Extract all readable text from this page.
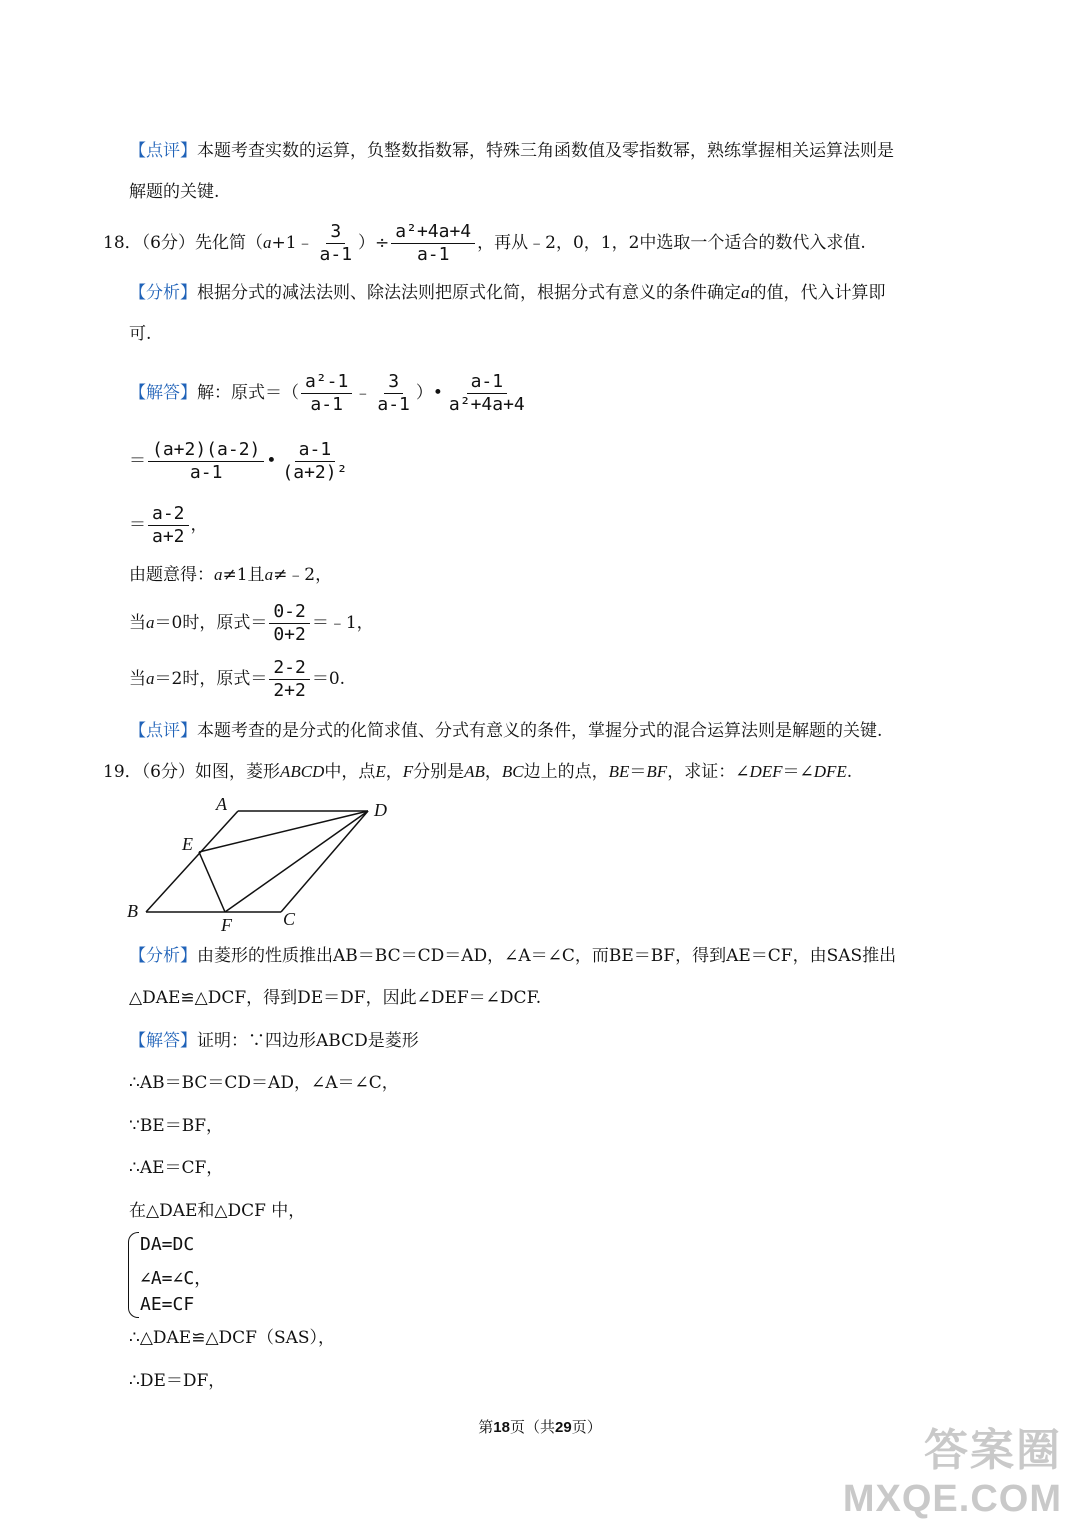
【点评】本题考查实数的运算，负整数指数幂，特殊三角函数值及零指数幂，熟练掌握相关运算法则是
解题的关键.
18．（6分）先化简（a+1﹣ $\frac{3}{a-1}$ ）÷ $\frac{\text{a²+4a+4}}{a-1}$ ，再从﹣2，0，1，2中选取一个适合的数代入求值.
【分析】根据分式的减法法则、除法法则把原式化简，根据分式有意义的条件确定a的值，代入计算即
可.
【解答】解：原式＝（ $\frac{\text{a²-1}}{a-1}$ ﹣ $\frac{3}{a-1}$ ）• $\frac{a-1}{\text{a²+4a+4}}$
＝ $\frac{(a+2)(a-2)}{a-1}$ • $\frac{a-1}{\text{(a+2)²}}$
＝ $\frac{a-2}{a+2}$ ，
由题意得：a≠1且a≠﹣2，
当a＝0时，原式＝ $\frac{0-2}{0+2}$ ＝﹣1，
当a＝2时，原式＝ $\frac{2-2}{2+2} =0$.
【点评】本题考查的是分式的化简求值、分式有意义的条件，掌握分式的混合运算法则是解题的关键.
19．（6分）如图，菱形ABCD中，点E，F分别是AB，BC边上的点，BE＝BF，求证：∠DEF＝∠DFE.
A	D
E
B
F	C
【分析】由菱形的性质推出AB＝BC＝CD＝AD，∠A＝∠C，而BE＝BF，得到AE＝CF，由SAS推出
△DAE≌△DCF，得到DE＝DF，因此∠DEF＝∠DCF.
【解答】证明：∵四边形ABCD是菱形
∴AB＝BC＝CD＝AD，∠A＝∠C，
∵BE＝BF，
∴AE＝CF，
在△DAE和△DCF 中，
DA=DC
∠A=∠C，
AE=CF
∴△DAE≌△DCF（SAS），
∴DE＝DF，
第18页（共29页）	答案圈
MXQE.COM
